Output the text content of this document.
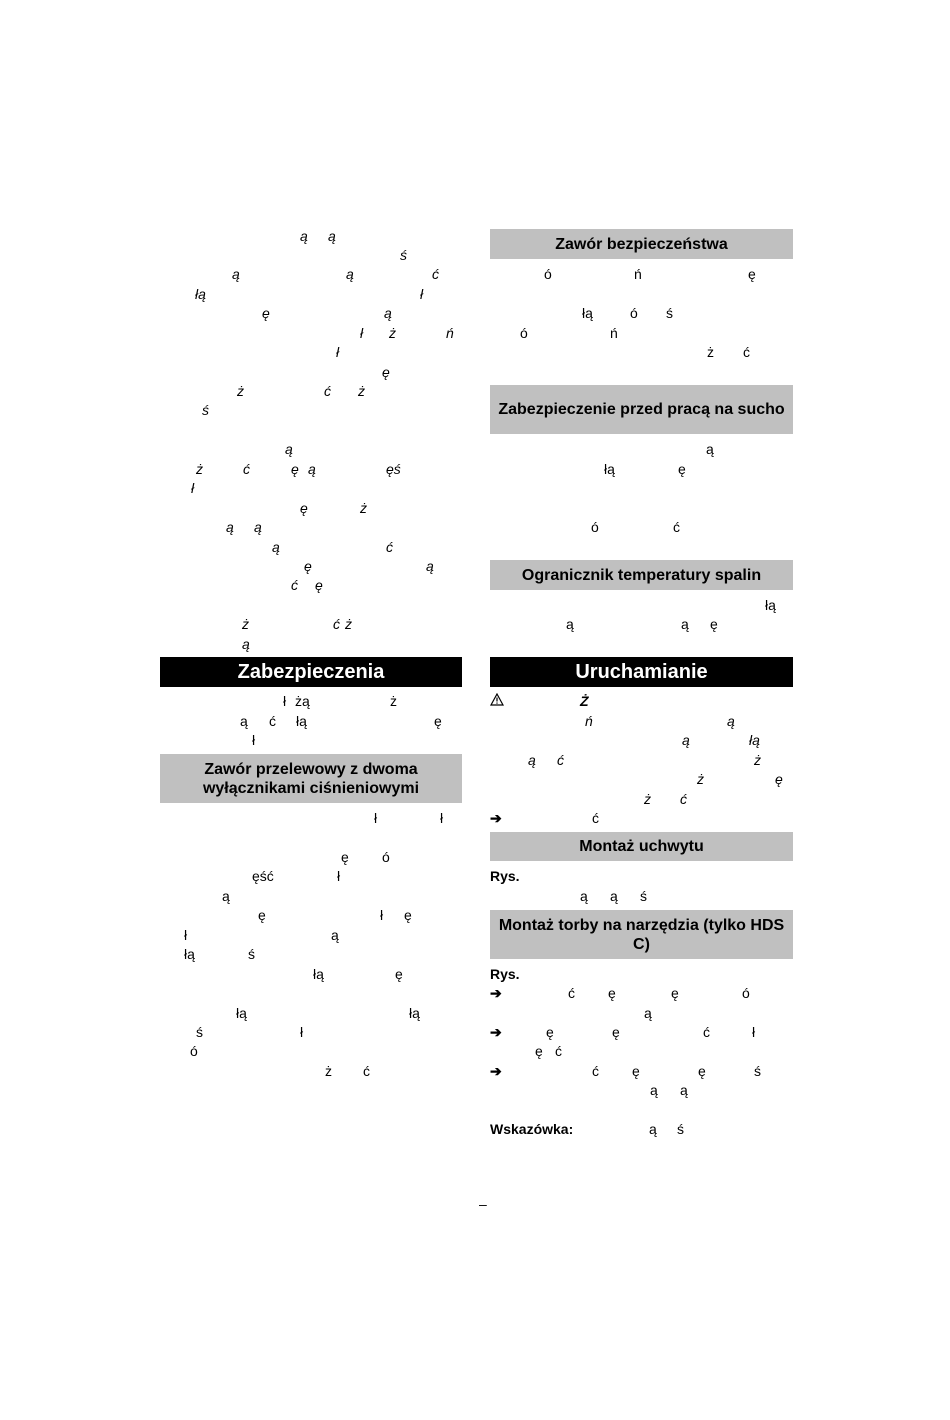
ą ą
ś
ą	ą	ć
łą	ł
ę	ą
ł ż	ń
ł
ę
ż	ć ż
ś
ą
ż	ć	ę ą	ęś
ł
ę	ż
ą ą
ą	ć
ę	ą
ć ę
ż	ć ż
ą
Zabezpieczenia
ł żą	ż
ą ć łą	ę
ł
Zawór przelewowy z dwoma wyłącznikami ciśnieniowymi
ł	ł
ę ó
ęść	ł
ą
ę	ł ę
ł	ą
łą	ś
łą	ę
łą	łą
ś	ł
ó
ż ć
Zawór bezpieczeństwa
ó	ń	ę
łą	ó ś
ó	ń
ż ć
Zabezpieczenie przed pracą na sucho
ą
łą	ę
ó	ć
Ogranicznik temperatury spalin
łą
ą	ą ę
Uruchamianie
Ż
ń	ą
ą	łą
ą ć	ż
ż	ę
ż ć
➔	ć
Montaż uchwytu
Rys.
ą ą ś
Montaż torby na narzędzia (tylko HDS C)
Rys.
➔	ć ę	ę	ó
ą
➔	ę	ę	ć	ł
ę ć
➔	ć ę	ę	ś
ą ą
Wskazówka:	ą ś
–
